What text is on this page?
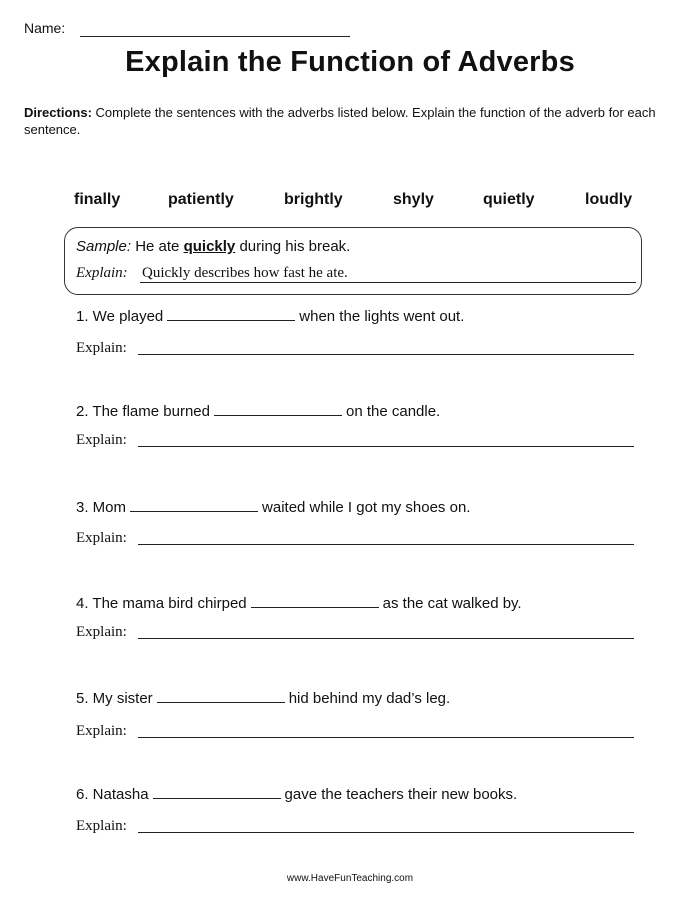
Name:
Explain the Function of Adverbs
Directions: Complete the sentences with the adverbs listed below. Explain the function of the adverb for each sentence.
finally	patiently	brightly	shyly	quietly	loudly
Sample: He ate quickly during his break.
Explain: Quickly describes how fast he ate.
1. We played	when the lights went out.
Explain:
2. The flame burned	on the candle.
Explain:
3. Mom	waited while I got my shoes on.
Explain:
4. The mama bird chirped	as the cat walked by.
Explain:
5. My sister	hid behind my dad’s leg.
Explain:
6. Natasha	gave the teachers their new books.
Explain:
www.HaveFunTeaching.com
